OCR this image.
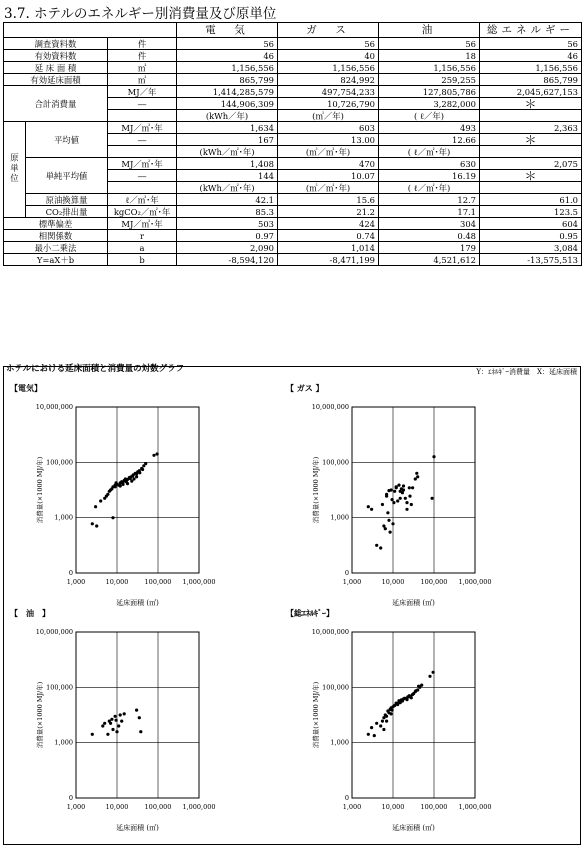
3.7. ホテルのエネルギー別消費量及び原単位
			電　気	ガ　ス	油	総エネルギー
調査資料数		件	56	56	56	56
有効資料数		件	46	40	18	46
延 床 面 積		㎡	1,156,556	1,156,556	1,156,556	1,156,556
有効延床面積		㎡	865,799	824,992	259,255	865,799
合計消費量		MJ／年	1,414,285,579	497,754,233	127,805,786	2,045,627,153
		―	144,906,309	10,726,790	3,282,000	＊
			(kWh／年)	(㎥／年)	( ℓ／年)	
原単位	平均値	MJ／㎡･年	1,634	603	493	2,363
		―	167	13.00	12.66	＊
			(kWh／㎡･年)	(㎥／㎡･年)	( ℓ／㎡･年)	
	単純平均値	MJ／㎡･年	1,408	470	630	2,075
		―	144	10.07	16.19	＊
			(kWh／㎡･年)	(㎥／㎡･年)	( ℓ／㎡･年)	
	原油換算量	ℓ／㎡･年	42.1	15.6	12.7	61.0
	CO₂排出量	kgCO₂／㎡･年	85.3	21.2	17.1	123.5
標準偏差		MJ／㎡･年	503	424	304	604
相関係数		r	0.97	0.74	0.48	0.95
最小二乗法		a	2,090	1,014	179	3,084
Y=aX＋b		b	-8,594,120	-8,471,199	4,521,612	-13,575,513
ホテルにおける延床面積と消費量の対数グラフ	Y：ｴﾈﾙｷﾞｰ消費量　X：延床面積
【電気】
1,000	10,000 100,000 1,000,000
0
1,000
100,000
10,000,000
延床面積 (㎡)
消費量(×1000 MJ/年)
【 ガス 】
1,000	10,000 100,000 1,000,000
0
1,000
100,000
10,000,000
延床面積 (㎡)
消費量(×1000 MJ/年)
【　油　】
1,000	10,000 100,000 1,000,000
0
1,000
100,000
10,000,000
延床面積 (㎡)
消費量(×1000 MJ/年)
【総ｴﾈﾙｷﾞｰ】
1,000	10,000 100,000 1,000,000
0
1,000
100,000
10,000,000
延床面積 (㎡)
消費量(×1000 MJ/年)
